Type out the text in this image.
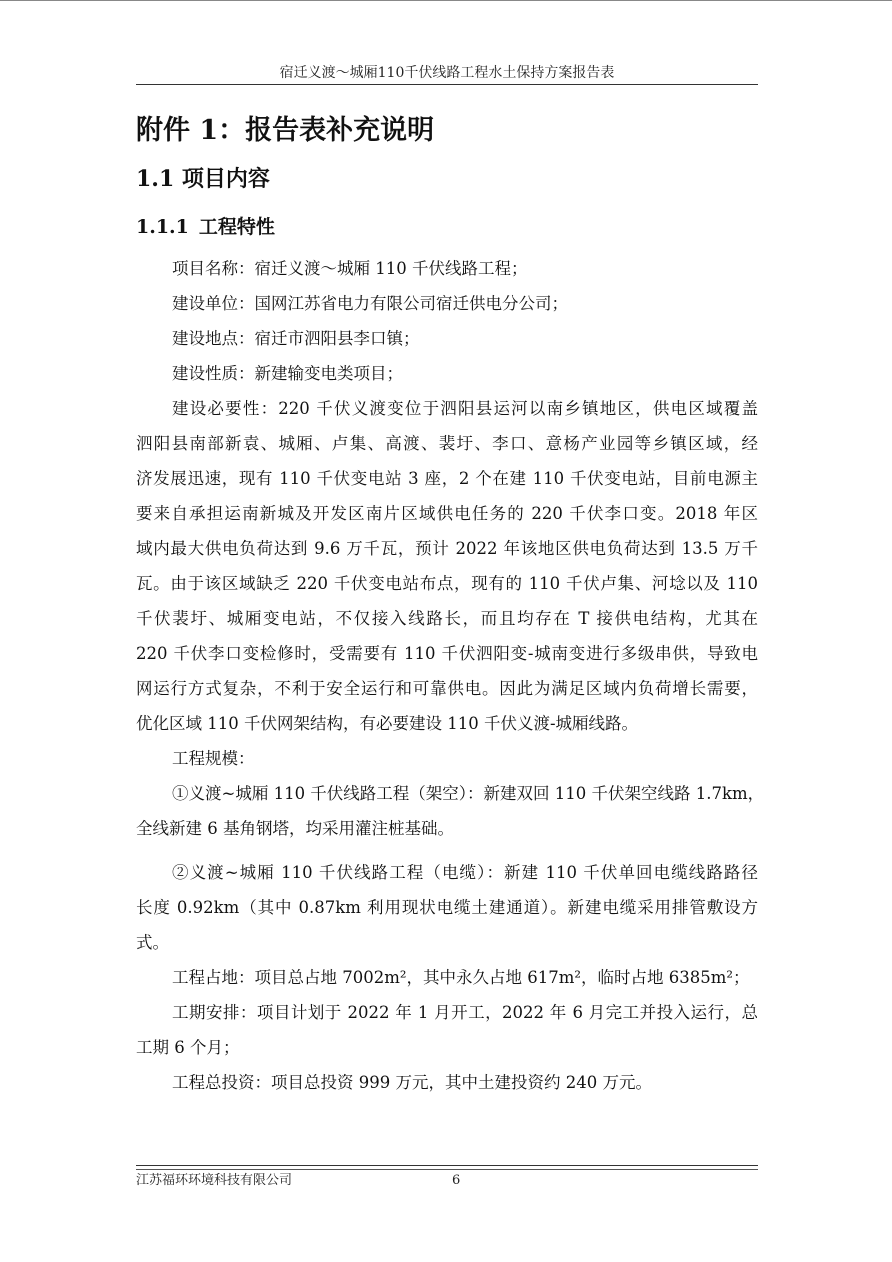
宿迁义渡～城厢110千伏线路工程水土保持方案报告表
附件 1：报告表补充说明
1.1 项目内容
1.1.1 工程特性
项目名称：宿迁义渡～城厢 110 千伏线路工程；
建设单位：国网江苏省电力有限公司宿迁供电分公司；
建设地点：宿迁市泗阳县李口镇；
建设性质：新建输变电类项目；
建设必要性：220 千伏义渡变位于泗阳县运河以南乡镇地区，供电区域覆盖
泗阳县南部新袁、城厢、卢集、高渡、裴圩、李口、意杨产业园等乡镇区域，经
济发展迅速，现有 110 千伏变电站 3 座，2 个在建 110 千伏变电站，目前电源主
要来自承担运南新城及开发区南片区域供电任务的 220 千伏李口变。2018 年区
域内最大供电负荷达到 9.6 万千瓦，预计 2022 年该地区供电负荷达到 13.5 万千
瓦。由于该区域缺乏 220 千伏变电站布点，现有的 110 千伏卢集、河埝以及 110
千伏裴圩、城厢变电站，不仅接入线路长，而且均存在 T 接供电结构，尤其在
220 千伏李口变检修时，受需要有 110 千伏泗阳变-城南变进行多级串供，导致电
网运行方式复杂，不利于安全运行和可靠供电。因此为满足区域内负荷增长需要，
优化区域 110 千伏网架结构，有必要建设 110 千伏义渡-城厢线路。
工程规模：
①义渡~城厢 110 千伏线路工程（架空）：新建双回 110 千伏架空线路 1.7km，
全线新建 6 基角钢塔，均采用灌注桩基础。
②义渡~城厢 110 千伏线路工程（电缆）：新建 110 千伏单回电缆线路路径
长度 0.92km（其中 0.87km 利用现状电缆土建通道）。新建电缆采用排管敷设方
式。
工程占地：项目总占地 7002m²，其中永久占地 617m²，临时占地 6385m²；
工期安排：项目计划于 2022 年 1 月开工，2022 年 6 月完工并投入运行，总
工期 6 个月；
工程总投资：项目总投资 999 万元，其中土建投资约 240 万元。
江苏福环环境科技有限公司	6
